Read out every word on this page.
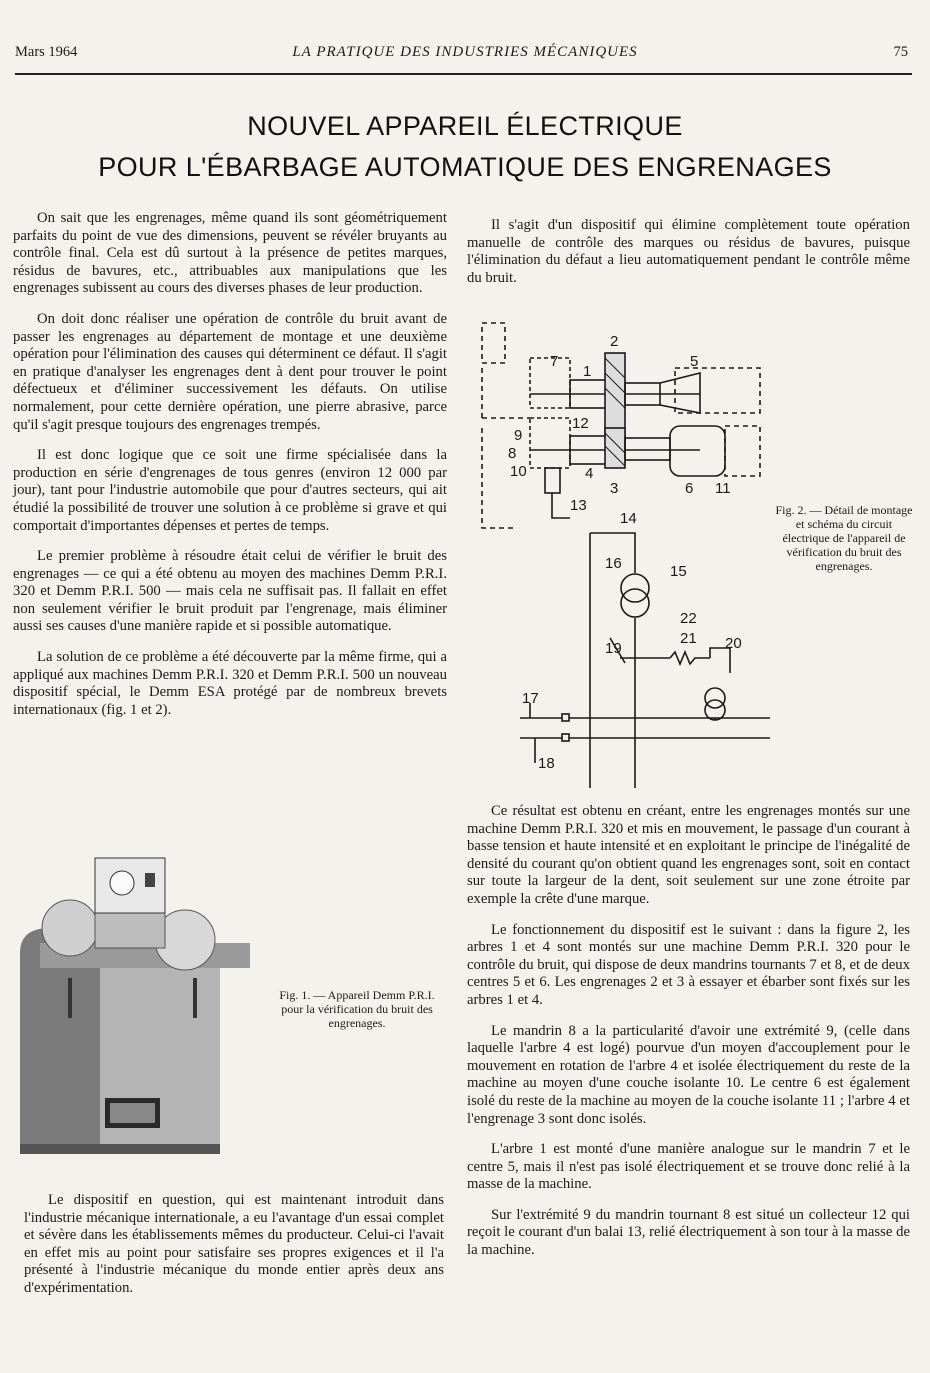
Mars 1964	LA PRATIQUE DES INDUSTRIES MÉCANIQUES	75
NOUVEL APPAREIL ÉLECTRIQUE
POUR L'ÉBARBAGE AUTOMATIQUE DES ENGRENAGES

On sait que les engrenages, même quand ils sont géométriquement parfaits du point de vue des dimensions, peuvent se révéler bruyants au contrôle final. Cela est dû surtout à la présence de petites marques, résidus de bavures, etc., attribuables aux manipulations que les engrenages subissent au cours des diverses phases de leur production.

On doit donc réaliser une opération de contrôle du bruit avant de passer les engrenages au département de montage et une deuxième opération pour l'élimination des causes qui déterminent ce défaut. Il s'agit en pratique d'analyser les engrenages dent à dent pour trouver le point défectueux et d'éliminer successivement les défauts. On utilise normalement, pour cette dernière opération, une pierre abrasive, parce qu'il s'agit presque toujours des engrenages trempés.

Il est donc logique que ce soit une firme spécialisée dans la production en série d'engrenages de tous genres (environ 12 000 par jour), tant pour l'industrie automobile que pour d'autres secteurs, qui ait étudié la possibilité de trouver une solution à ce problème si grave et qui comportait d'importantes dépenses et pertes de temps.

Le premier problème à résoudre était celui de vérifier le bruit des engrenages — ce qui a été obtenu au moyen des machines Demm P.R.I. 320 et Demm P.R.I. 500 — mais cela ne suffisait pas. Il fallait en effet non seulement vérifier le bruit produit par l'engrenage, mais éliminer aussi ses causes d'une manière rapide et si possible automatique.

La solution de ce problème a été découverte par la même firme, qui a appliqué aux machines Demm P.R.I. 320 et Demm P.R.I. 500 un nouveau dispositif spécial, le Demm ESA protégé par de nombreux brevets internationaux (fig. 1 et 2).

Le dispositif en question, qui est maintenant introduit dans l'industrie mécanique internationale, a eu l'avantage d'un essai complet et sévère dans les établissements mêmes du producteur. Celui-ci l'avait en effet mis au point pour satisfaire ses propres exigences et il l'a présenté à l'industrie mécanique du monde entier après deux ans d'expérimentation.

Il s'agit d'un dispositif qui élimine complètement toute opération manuelle de contrôle des marques ou résidus de bavures, puisque l'élimination du défaut a lieu automatiquement pendant le contrôle même du bruit.

Ce résultat est obtenu en créant, entre les engrenages montés sur une machine Demm P.R.I. 320 et mis en mouvement, le passage d'un courant à basse tension et haute intensité et en exploitant le principe de l'inégalité de densité du courant qu'on obtient quand les engrenages sont, soit en contact sur toute la largeur de la dent, soit seulement sur une zone étroite par exemple la crête d'une marque.

Le fonctionnement du dispositif est le suivant : dans la figure 2, les arbres 1 et 4 sont montés sur une machine Demm P.R.I. 320 pour le contrôle du bruit, qui dispose de deux mandrins tournants 7 et 8, et de deux centres 5 et 6. Les engrenages 2 et 3 à essayer et ébarber sont fixés sur les arbres 1 et 4.

Le mandrin 8 a la particularité d'avoir une extrémité 9, (celle dans laquelle l'arbre 4 est logé) pourvue d'un moyen d'accouplement pour le mouvement en rotation de l'arbre 4 et isolée électriquement du reste de la machine au moyen d'une couche isolante 10. Le centre 6 est également isolé du reste de la machine au moyen de la couche isolante 11 ; l'arbre 4 et l'engrenage 3 sont donc isolés.

L'arbre 1 est monté d'une manière analogue sur le mandrin 7 et le centre 5, mais il n'est pas isolé électriquement et se trouve donc relié à la masse de la machine.

Sur l'extrémité 9 du mandrin tournant 8 est situé un collecteur 12 qui reçoit le courant d'un balai 13, relié électriquement à son tour à la masse de la machine.

2
7
1
5
12
9
8
10	4
3	6 11
13
14
16	15
22
21
19	20
17
18
Fig. 2. — Détail de montage et schéma du circuit électrique de l'appareil de vérification du bruit des engrenages.
Fig. 1. — Appareil Demm P.R.I. pour la vérification du bruit des engrenages.
